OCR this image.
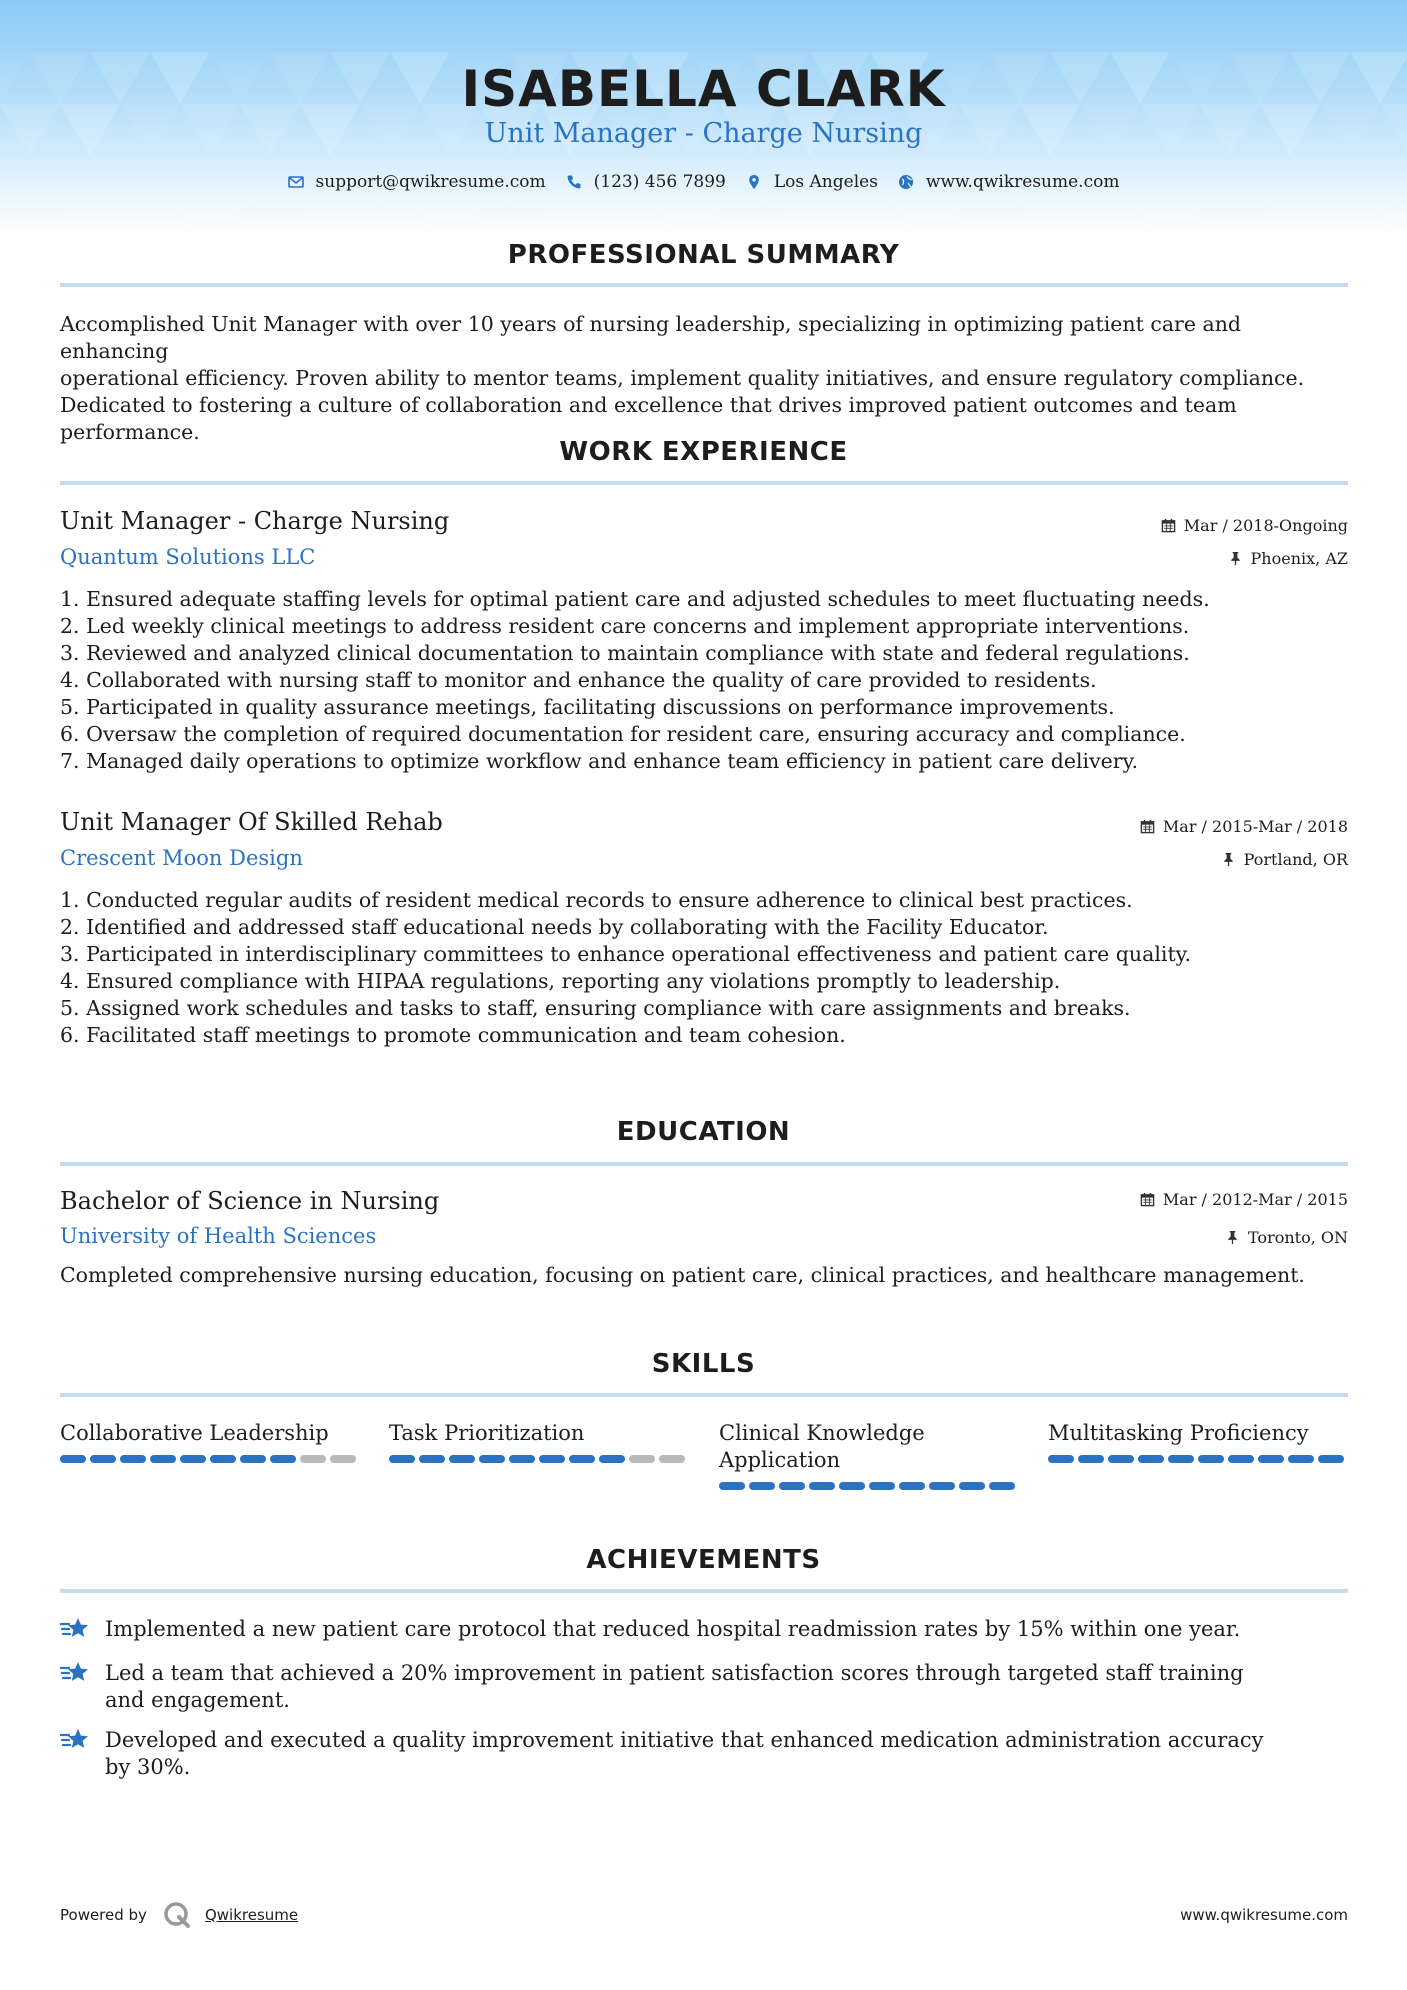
ISABELLA CLARK
Unit Manager - Charge Nursing
support@qwikresume.com	(123) 456 7899	Los Angeles	www.qwikresume.com
PROFESSIONAL SUMMARY
Accomplished Unit Manager with over 10 years of nursing leadership, specializing in optimizing patient care and enhancing
operational efficiency. Proven ability to mentor teams, implement quality initiatives, and ensure regulatory compliance.
Dedicated to fostering a culture of collaboration and excellence that drives improved patient outcomes and team performance.
WORK EXPERIENCE
Unit Manager - Charge Nursing	Mar / 2018-Ongoing
Quantum Solutions LLC	Phoenix, AZ
1. Ensured adequate staffing levels for optimal patient care and adjusted schedules to meet fluctuating needs.
2. Led weekly clinical meetings to address resident care concerns and implement appropriate interventions.
3. Reviewed and analyzed clinical documentation to maintain compliance with state and federal regulations.
4. Collaborated with nursing staff to monitor and enhance the quality of care provided to residents.
5. Participated in quality assurance meetings, facilitating discussions on performance improvements.
6. Oversaw the completion of required documentation for resident care, ensuring accuracy and compliance.
7. Managed daily operations to optimize workflow and enhance team efficiency in patient care delivery.
Unit Manager Of Skilled Rehab	Mar / 2015-Mar / 2018
Crescent Moon Design	Portland, OR
1. Conducted regular audits of resident medical records to ensure adherence to clinical best practices.
2. Identified and addressed staff educational needs by collaborating with the Facility Educator.
3. Participated in interdisciplinary committees to enhance operational effectiveness and patient care quality.
4. Ensured compliance with HIPAA regulations, reporting any violations promptly to leadership.
5. Assigned work schedules and tasks to staff, ensuring compliance with care assignments and breaks.
6. Facilitated staff meetings to promote communication and team cohesion.
EDUCATION
Bachelor of Science in Nursing	Mar / 2012-Mar / 2015
University of Health Sciences	Toronto, ON
Completed comprehensive nursing education, focusing on patient care, clinical practices, and healthcare management.
SKILLS
Collaborative Leadership	Task Prioritization	Clinical Knowledge Application
Multitasking Proficiency
ACHIEVEMENTS
Implemented a new patient care protocol that reduced hospital readmission rates by 15% within one year.
Led a team that achieved a 20% improvement in patient satisfaction scores through targeted staff training and engagement.
Developed and executed a quality improvement initiative that enhanced medication administration accuracy by 30%.
Powered by	Qwikresume	www.qwikresume.com
